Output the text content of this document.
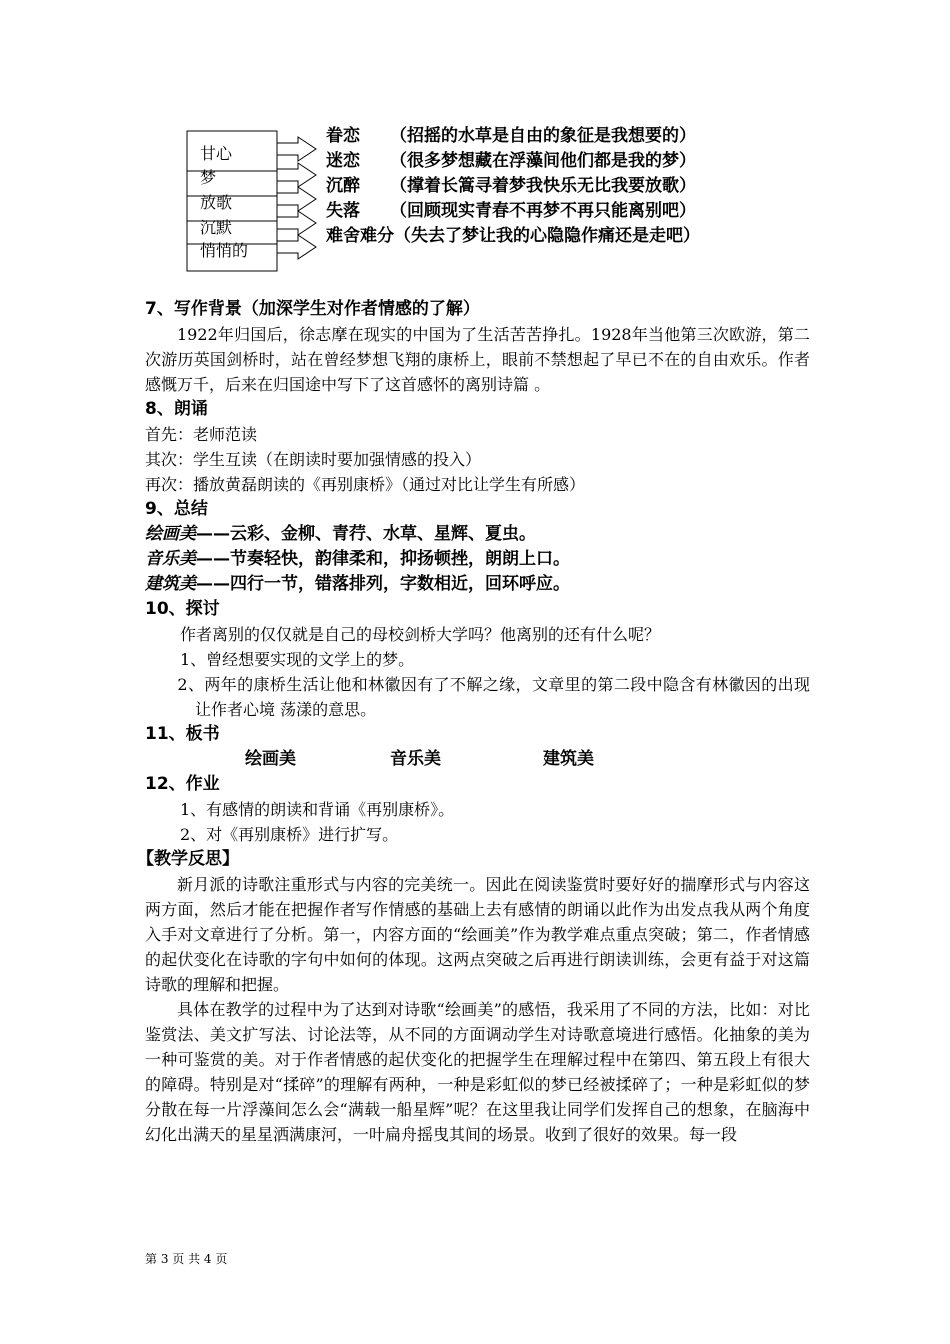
甘心
梦
放歌
沉默
悄悄的
眷恋 （招摇的水草是自由的象征是我想要的）
迷恋 （很多梦想藏在浮藻间他们都是我的梦）
沉醉 （撑着长篙寻着梦我快乐无比我要放歌）
失落 （回顾现实青春不再梦不再只能离别吧）
难舍难分（失去了梦让我的心隐隐作痛还是走吧）

7、写作背景（加深学生对作者情感的了解）

1922年归国后，徐志摩在现实的中国为了生活苦苦挣扎。1928年当他第三次欧游，第二次游历英国剑桥时，站在曾经梦想飞翔的康桥上，眼前不禁想起了早已不在的自由欢乐。作者感慨万千，后来在归国途中写下了这首感怀的离别诗篇 。

8、朗诵

首先：老师范读

其次：学生互读（在朗读时要加强情感的投入）

再次：播放黄磊朗读的《再别康桥》（通过对比让学生有所感）

9、总结

绘画美——云彩、金柳、青荇、水草、星辉、夏虫。

音乐美——节奏轻快，韵律柔和，抑扬顿挫，朗朗上口。

建筑美——四行一节，错落排列，字数相近，回环呼应。

10、探讨

作者离别的仅仅就是自己的母校剑桥大学吗？他离别的还有什么呢？

1、曾经想要实现的文学上的梦。

2、两年的康桥生活让他和林徽因有了不解之缘，文章里的第二段中隐含有林徽因的出现让作者心境 荡漾的意思。

11、板书

绘画美	音乐美	建筑美

12、作业

1、有感情的朗读和背诵《再别康桥》。

2、对《再别康桥》进行扩写。

【教学反思】

新月派的诗歌注重形式与内容的完美统一。因此在阅读鉴赏时要好好的揣摩形式与内容这两方面，然后才能在把握作者写作情感的基础上去有感情的朗诵以此作为出发点我从两个角度入手对文章进行了分析。第一，内容方面的“绘画美”作为教学难点重点突破；第二，作者情感的起伏变化在诗歌的字句中如何的体现。这两点突破之后再进行朗读训练，会更有益于对这篇诗歌的理解和把握。

具体在教学的过程中为了达到对诗歌“绘画美”的感悟，我采用了不同的方法，比如：对比鉴赏法、美文扩写法、讨论法等，从不同的方面调动学生对诗歌意境进行感悟。化抽象的美为一种可鉴赏的美。对于作者情感的起伏变化的把握学生在理解过程中在第四、第五段上有很大的障碍。特别是对“揉碎”的理解有两种，一种是彩虹似的梦已经被揉碎了；一种是彩虹似的梦分散在每一片浮藻间怎么会“满载一船星辉”呢？在这里我让同学们发挥自己的想象，在脑海中幻化出满天的星星洒满康河，一叶扁舟摇曳其间的场景。收到了很好的效果。每一段

第 3 页 共 4 页
